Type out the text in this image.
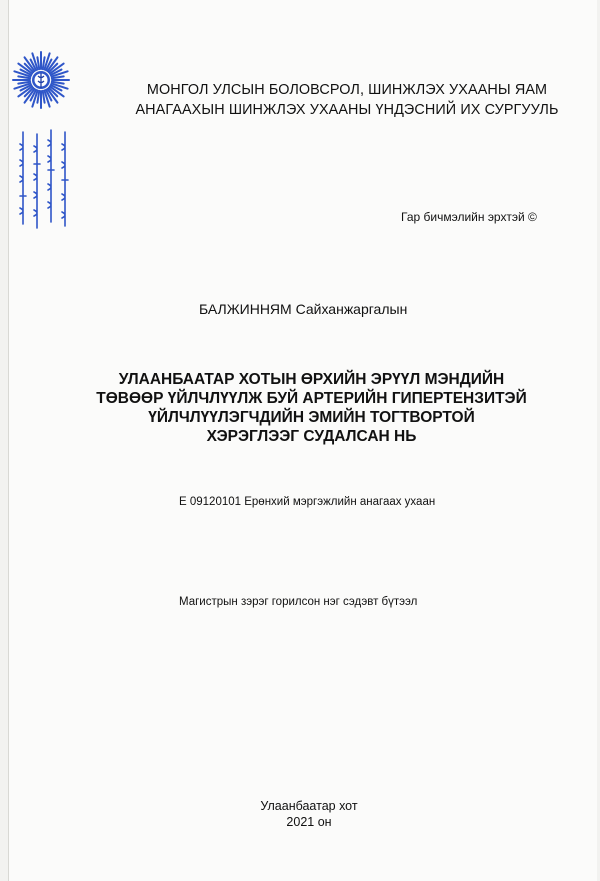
МОНГОЛ УЛСЫН БОЛОВСРОЛ, ШИНЖЛЭХ УХААНЫ ЯАМ
АНАГААХЫН ШИНЖЛЭХ УХААНЫ ҮНДЭСНИЙ ИХ СУРГУУЛЬ
Гар бичмэлийн эрхтэй ©
БАЛЖИННЯМ Сайханжаргалын
УЛААНБААТАР ХОТЫН ӨРХИЙН ЭРҮҮЛ МЭНДИЙН
ТӨВӨӨР ҮЙЛЧЛҮҮЛЖ БУЙ АРТЕРИЙН ГИПЕРТЕНЗИТЭЙ
ҮЙЛЧЛҮҮЛЭГЧДИЙН ЭМИЙН ТОГТВОРТОЙ
ХЭРЭГЛЭЭГ СУДАЛСАН НЬ
Е 09120101 Ерөнхий мэргэжлийн анагаах ухаан
Магистрын зэрэг горилсон нэг сэдэвт бүтээл
Улаанбаатар хот
2021 он
